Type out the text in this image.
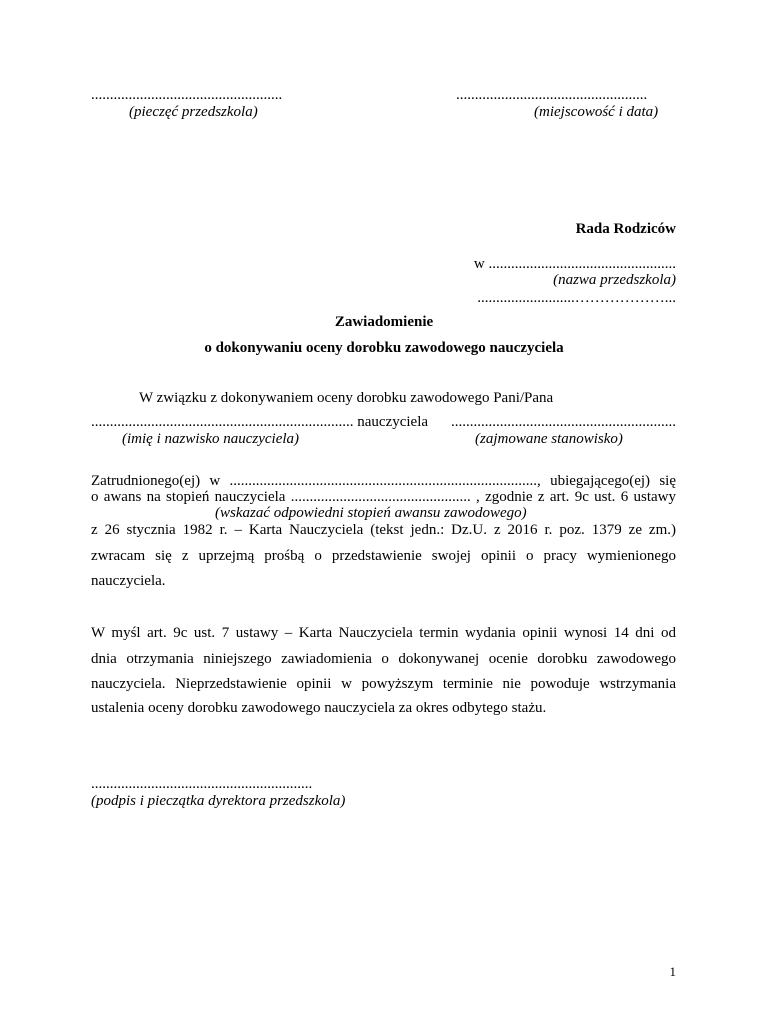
...................................................
(pieczęć przedszkola)
...................................................
(miejscowość i data)
Rada Rodziców
w ..................................................
(nazwa przedszkola)
..........................………………...
Zawiadomienie
o dokonywaniu oceny dorobku zawodowego nauczyciela
W związku z dokonywaniem oceny dorobku zawodowego Pani/Pana
...................................................................... nauczyciela ............................................................
(imię i nazwisko nauczyciela)	(zajmowane stanowisko)
Zatrudnionego(ej) w .................................................................................., ubiegającego(ej) się
o awans na stopień nauczyciela ................................................ , zgodnie z art. 9c ust. 6 ustawy
(wskazać odpowiedni stopień awansu zawodowego)
z 26 stycznia 1982 r. – Karta Nauczyciela (tekst jedn.: Dz.U. z 2016 r. poz. 1379 ze zm.)
zwracam się z uprzejmą prośbą o przedstawienie swojej opinii o pracy wymienionego
nauczyciela.
W myśl art. 9c ust. 7 ustawy – Karta Nauczyciela termin wydania opinii wynosi 14 dni od
dnia otrzymania niniejszego zawiadomienia o dokonywanej ocenie dorobku zawodowego
nauczyciela. Nieprzedstawienie opinii w powyższym terminie nie powoduje wstrzymania
ustalenia oceny dorobku zawodowego nauczyciela za okres odbytego stażu.
...........................................................
(podpis i pieczątka dyrektora przedszkola)
1
